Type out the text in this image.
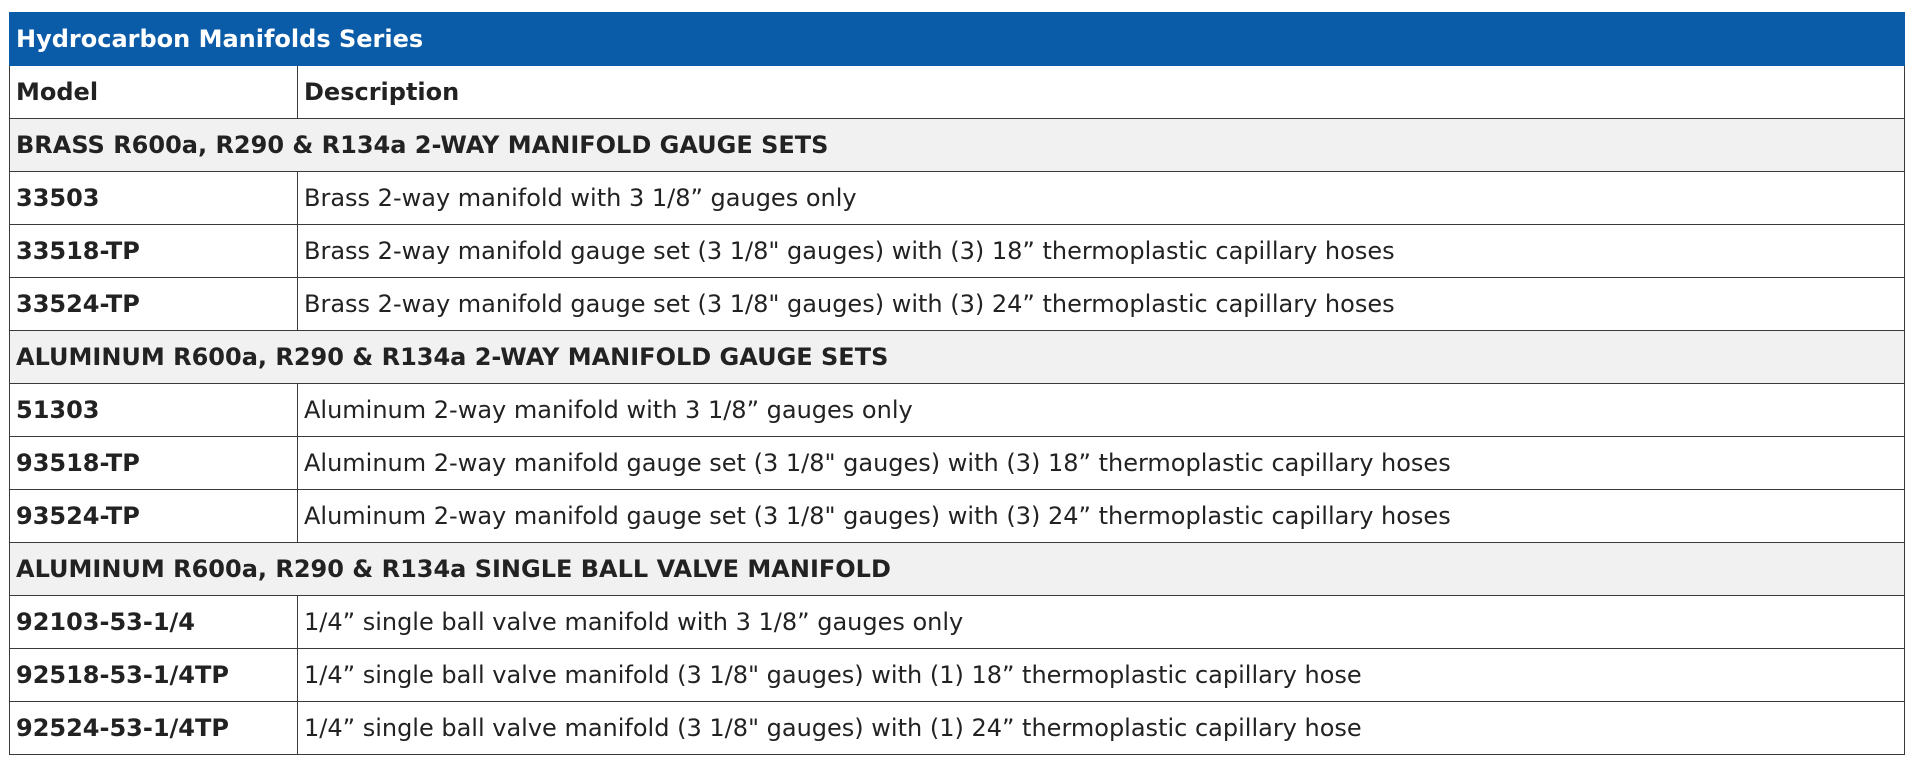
Hydrocarbon Manifolds Series	
Model	Description
BRASS R600a, R290 & R134a 2-WAY MANIFOLD GAUGE SETS	
33503	Brass 2-way manifold with 3 1/8” gauges only
33518-TP	Brass 2-way manifold gauge set (3 1/8" gauges) with (3) 18” thermoplastic capillary hoses
33524-TP	Brass 2-way manifold gauge set (3 1/8" gauges) with (3) 24” thermoplastic capillary hoses
ALUMINUM R600a, R290 & R134a 2-WAY MANIFOLD GAUGE SETS	
51303	Aluminum 2-way manifold with 3 1/8” gauges only
93518-TP	Aluminum 2-way manifold gauge set (3 1/8" gauges) with (3) 18” thermoplastic capillary hoses
93524-TP	Aluminum 2-way manifold gauge set (3 1/8" gauges) with (3) 24” thermoplastic capillary hoses
ALUMINUM R600a, R290 & R134a SINGLE BALL VALVE MANIFOLD	
92103-53-1/4	1/4” single ball valve manifold with 3 1/8” gauges only
92518-53-1/4TP	1/4” single ball valve manifold (3 1/8" gauges) with (1) 18” thermoplastic capillary hose
92524-53-1/4TP	1/4” single ball valve manifold (3 1/8" gauges) with (1) 24” thermoplastic capillary hose
